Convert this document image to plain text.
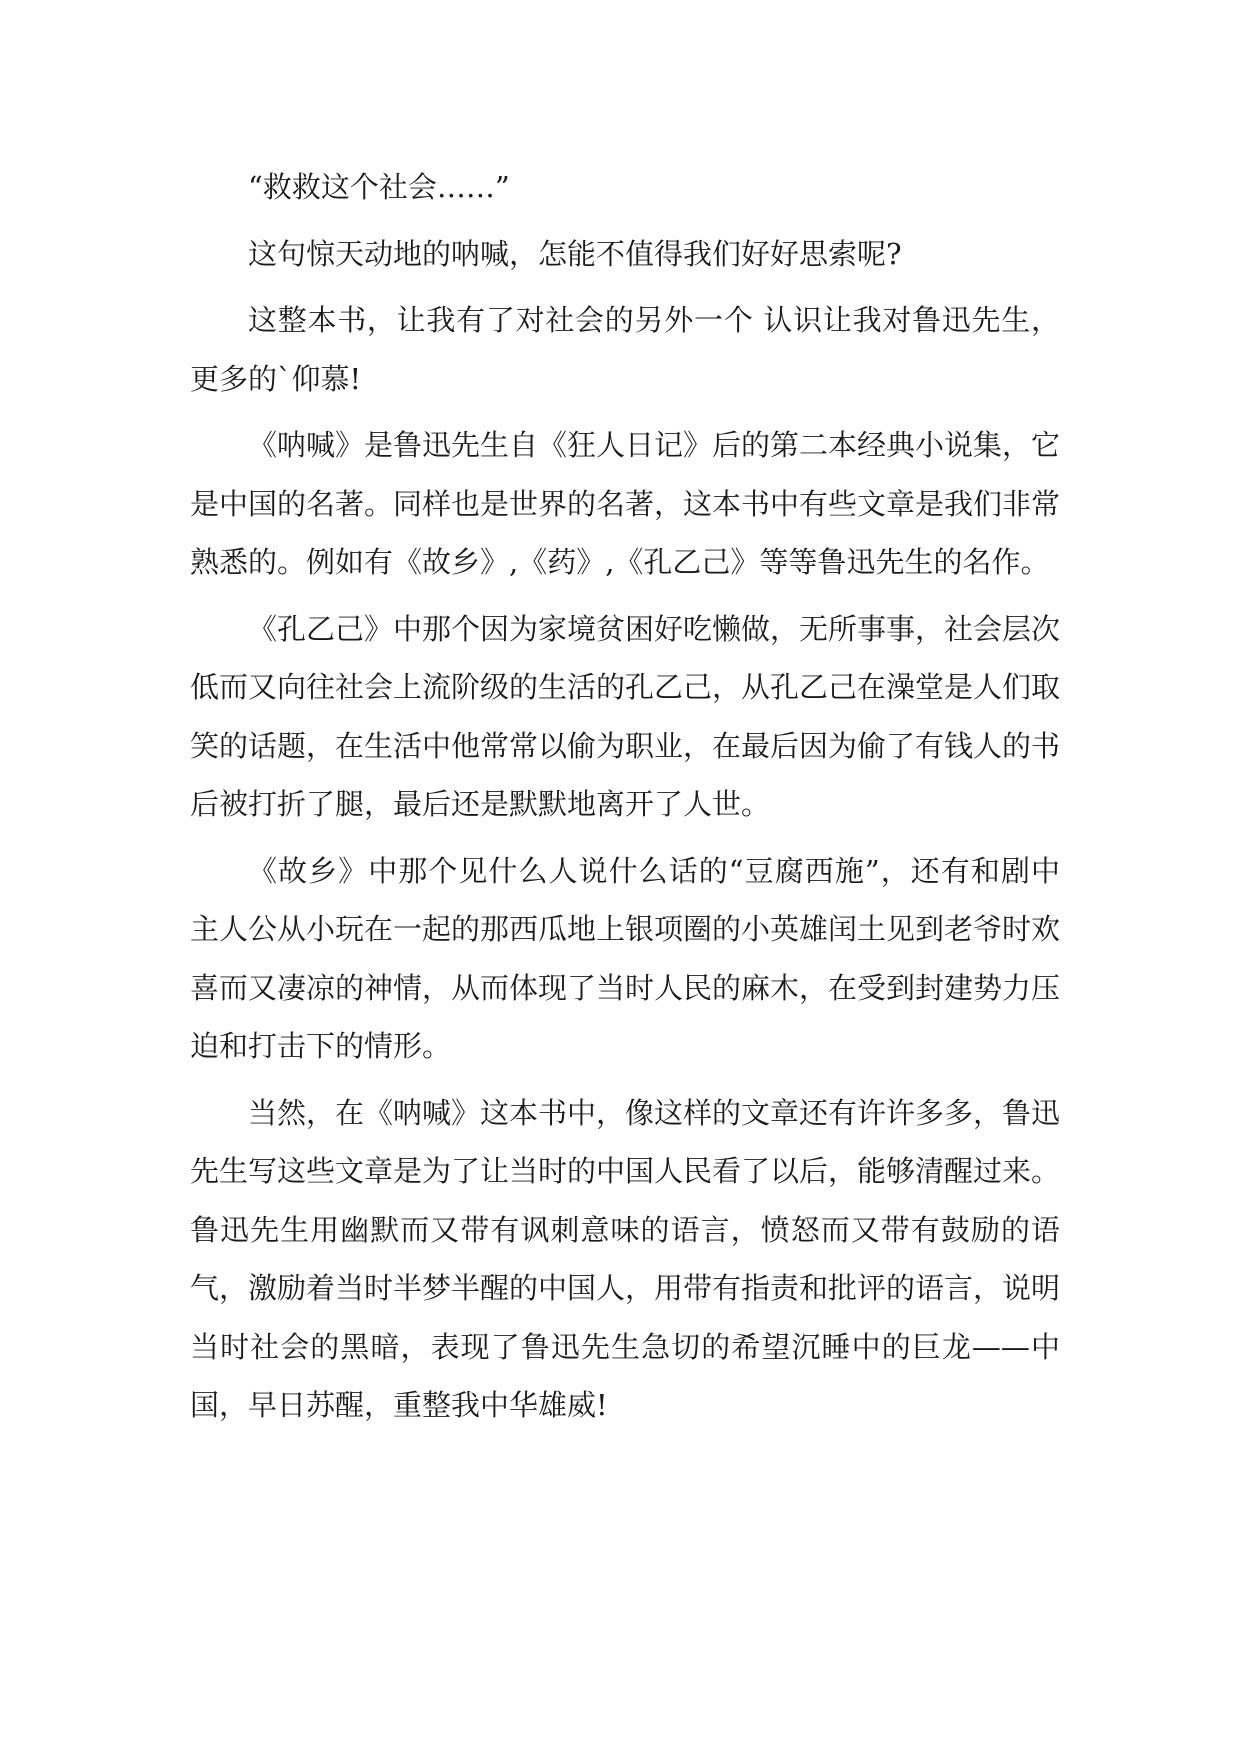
“救救这个社会……”

这句惊天动地的呐喊，怎能不值得我们好好思索呢?

这整本书，让我有了对社会的另外一个 认识让我对鲁迅先生，更多的`仰慕!

《呐喊》是鲁迅先生自《狂人日记》后的第二本经典小说集，它是中国的名著。同样也是世界的名著，这本书中有些文章是我们非常熟悉的。例如有《故乡》,《药》,《孔乙己》等等鲁迅先生的名作。

《孔乙己》中那个因为家境贫困好吃懒做，无所事事，社会层次低而又向往社会上流阶级的生活的孔乙己，从孔乙己在澡堂是人们取笑的话题，在生活中他常常以偷为职业，在最后因为偷了有钱人的书后被打折了腿，最后还是默默地离开了人世。

《故乡》中那个见什么人说什么话的“豆腐西施”，还有和剧中主人公从小玩在一起的那西瓜地上银项圈的小英雄闰土见到老爷时欢喜而又凄凉的神情，从而体现了当时人民的麻木，在受到封建势力压迫和打击下的情形。

当然，在《呐喊》这本书中，像这样的文章还有许许多多，鲁迅先生写这些文章是为了让当时的中国人民看了以后，能够清醒过来。鲁迅先生用幽默而又带有讽刺意味的语言，愤怒而又带有鼓励的语气，激励着当时半梦半醒的中国人，用带有指责和批评的语言，说明当时社会的黑暗，表现了鲁迅先生急切的希望沉睡中的巨龙——中国，早日苏醒，重整我中华雄威!
